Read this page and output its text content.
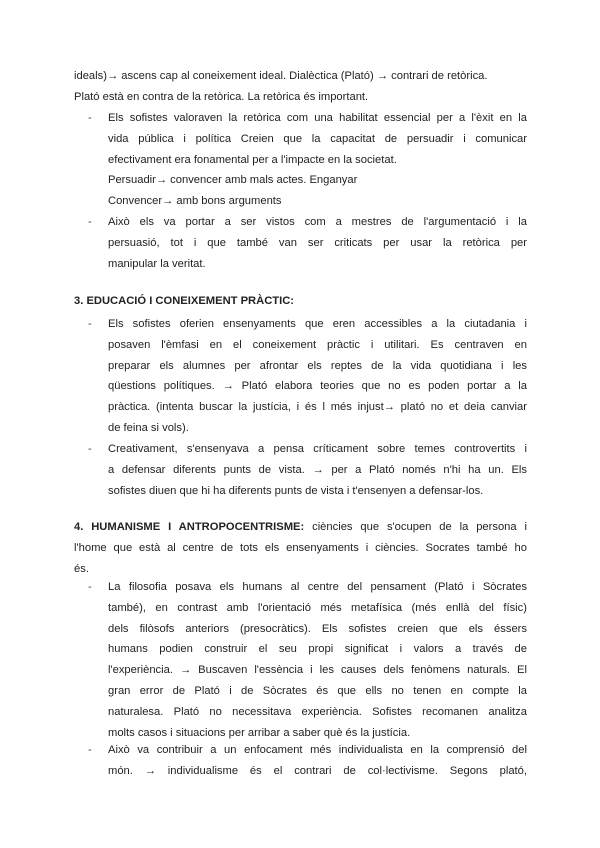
ideals)→ ascens cap al coneixement ideal. Dialèctica (Plató) → contrari de retòrica.
Plató està en contra de la retòrica. La retòrica és important.
- Els sofistes valoraven la retòrica com una habilitat essencial per a l'èxit en la
vida pública i política Creien que la capacitat de persuadir i comunicar
efectivament era fonamental per a l'impacte en la societat.
Persuadir→ convencer amb mals actes. Enganyar
Convencer→ amb bons arguments
- Això els va portar a ser vistos com a mestres de l'argumentació i la
persuasió, tot i que també van ser criticats per usar la retòrica per
manipular la veritat.
3. EDUCACIÓ I CONEIXEMENT PRÀCTIC:
- Els sofistes oferien ensenyaments que eren accessibles a la ciutadania i
posaven l'èmfasi en el coneixement pràctic i utilitari. Es centraven en
preparar els alumnes per afrontar els reptes de la vida quotidiana i les
qüestions polítiques. → Plató elabora teories que no es poden portar a la
pràctica. (intenta buscar la justícia, i és l més injust→ plató no et deia canviar
de feina si vols).
- Creativament, s'ensenyava a pensa críticament sobre temes controvertits i
a defensar diferents punts de vista. → per a Plató només n'hi ha un. Els
sofistes diuen que hi ha diferents punts de vista i t'ensenyen a defensar-los.
4. HUMANISME I ANTROPOCENTRISME: ciències que s'ocupen de la persona i
l'home que està al centre de tots els ensenyaments i ciències. Socrates també ho
és.
- La filosofia posava els humans al centre del pensament (Plató i Sòcrates
també), en contrast amb l'orientació més metafísica (més enllà del físic)
dels filòsofs anteriors (presocràtics). Els sofistes creien que els éssers
humans podien construir el seu propi significat i valors a través de
l'experiència. → Buscaven l'essència i les causes dels fenòmens naturals. El
gran error de Plató i de Sòcrates és que ells no tenen en compte la
naturalesa. Plató no necessitava experiència. Sofistes recomanen analitza
molts casos i situacions per arribar a saber què és la justícia.
- Això va contribuir a un enfocament més individualista en la comprensió del
món. → individualisme és el contrari de col·lectivisme. Segons plató,
